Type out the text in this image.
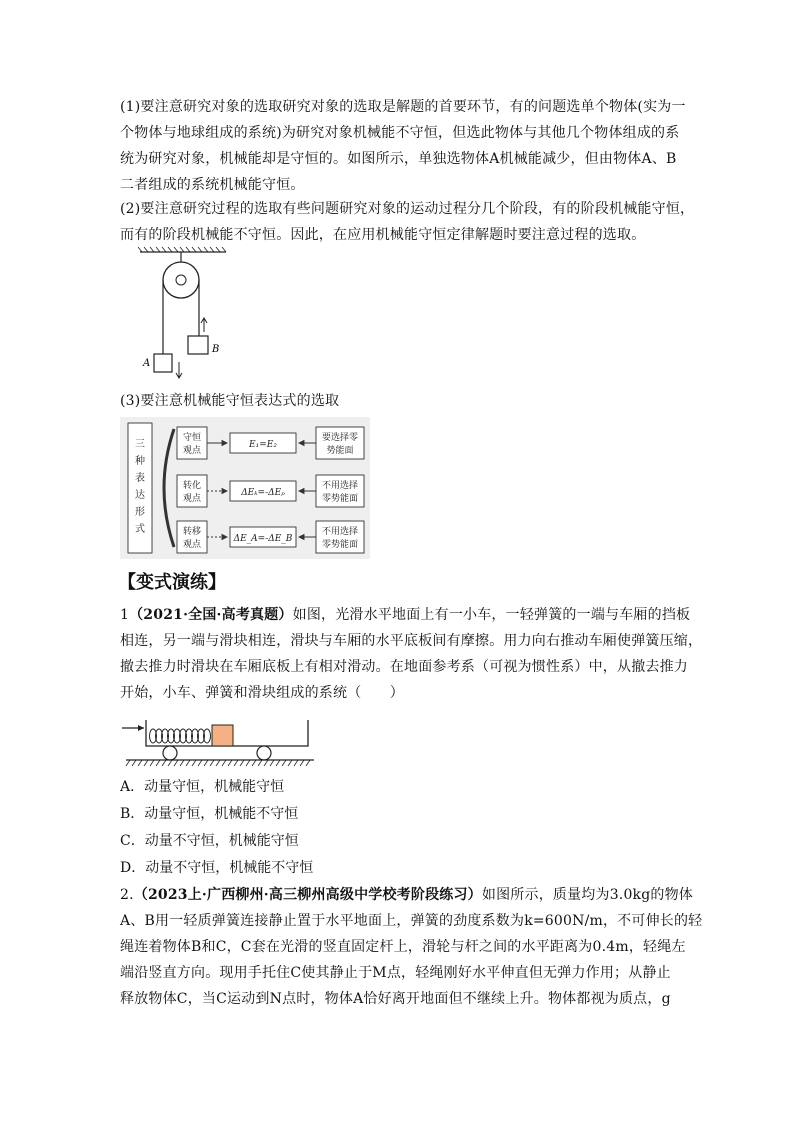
(1)要注意研究对象的选取研究对象的选取是解题的首要环节，有的问题选单个物体(实为一
个物体与地球组成的系统)为研究对象机械能不守恒，但选此物体与其他几个物体组成的系
统为研究对象，机械能却是守恒的。如图所示，单独选物体A机械能减少，但由物体A、B
二者组成的系统机械能守恒。

(2)要注意研究过程的选取有些问题研究对象的运动过程分几个阶段，有的阶段机械能守恒，
而有的阶段机械能不守恒。因此，在应用机械能守恒定律解题时要注意过程的选取。

A
B

(3)要注意机械能守恒表达式的选取

三种表达形式
守恒
观点
转化
观点
转移
观点
E₁=E₂
ΔEₖ=-ΔEₚ
ΔE_A=-ΔE_B
要选择零
势能面
不用选择
零势能面
不用选择
零势能面
【变式演练】

1（2021·全国·高考真题）如图，光滑水平地面上有一小车，一轻弹簧的一端与车厢的挡板
相连，另一端与滑块相连，滑块与车厢的水平底板间有摩擦。用力向右推动车厢使弹簧压缩，
撤去推力时滑块在车厢底板上有相对滑动。在地面参考系（可视为惯性系）中，从撤去推力
开始，小车、弹簧和滑块组成的系统（　　）

A．动量守恒，机械能守恒
B．动量守恒，机械能不守恒
C．动量不守恒，机械能守恒
D．动量不守恒，机械能不守恒

2.（2023上·广西柳州·高三柳州高级中学校考阶段练习）如图所示，质量均为3.0kg的物体
A、B用一轻质弹簧连接静止置于水平地面上，弹簧的劲度系数为k=600N/m，不可伸长的轻
绳连着物体B和C，C套在光滑的竖直固定杆上，滑轮与杆之间的水平距离为0.4m，轻绳左
端沿竖直方向。现用手托住C使其静止于M点，轻绳刚好水平伸直但无弹力作用；从静止
释放物体C，当C运动到N点时，物体A恰好离开地面但不继续上升。物体都视为质点，g
